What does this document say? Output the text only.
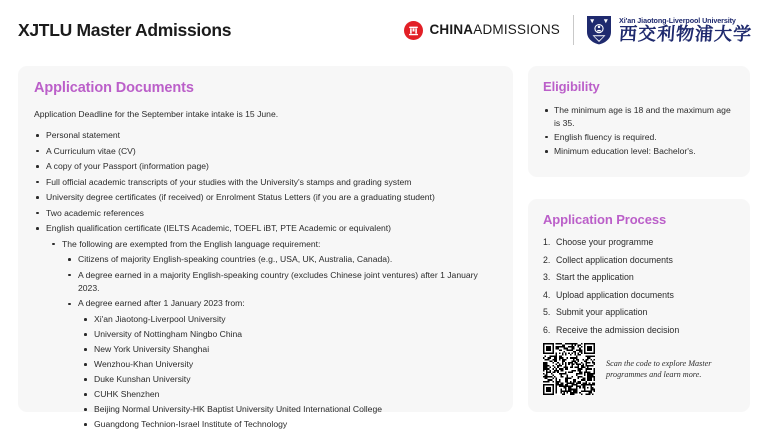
XJTLU Master Admissions	CHINAADMISSIONS
Xi'an Jiaotong-Liverpool University
西交利物浦大学
Application Documents
Application Deadline for the September intake intake is 15 June.
Personal statement
A Curriculum vitae (CV)
A copy of your Passport (information page)
Full official academic transcripts of your studies with the University's stamps and grading system
University degree certificates (if received) or Enrolment Status Letters (if you are a graduating student)
Two academic references
English qualification certificate (IELTS Academic, TOEFL iBT, PTE Academic or equivalent)
The following are exempted from the English language requirement:
Citizens of majority English-speaking countries (e.g., USA, UK, Australia, Canada).
A degree earned in a majority English-speaking country (excludes Chinese joint ventures) after 1 January 2023.
A degree earned after 1 January 2023 from:
Xi'an Jiaotong-Liverpool University
University of Nottingham Ningbo China
New York University Shanghai
Wenzhou-Khan University
Duke Kunshan University
CUHK Shenzhen
Beijing Normal University-HK Baptist University United International College
Guangdong Technion-Israel Institute of Technology
Eligibility
The minimum age is 18 and the maximum age is 35.
English fluency is required.
Minimum education level: Bachelor's.
Application Process
Choose your programme
Collect application documents
Start the application
Upload application documents
Submit your application
Receive the admission decision
Scan the code to explore Master programmes and learn more.
